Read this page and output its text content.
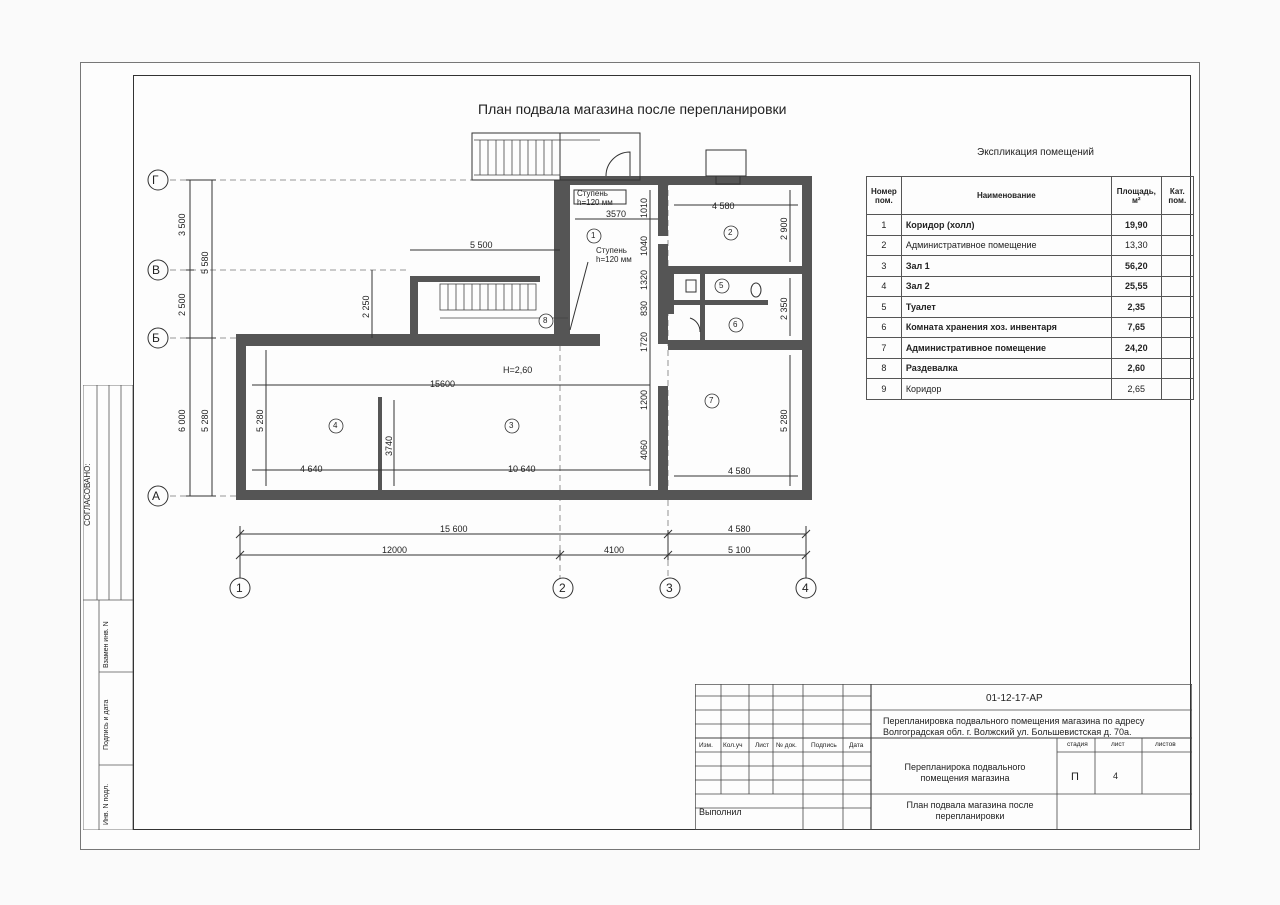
План подвала магазина после перепланировки
Г
В
Б
А
1	2	3	4
3 500
2 500
6 000
5 580
5 280
15 600	4 580
12000	4100	5 100
5 500
2 250
3570 1010
1040
1320
830
1720
1200
4060
4 580
2 900
2 350
5 280
5 280
15600
3740
4 640	10 640	4 580
H=2,60
Ступень
h=120 мм
Ступень
h=120 мм
1	2
3
4
5
6
7
8
Экспликация помещений
Номер пом.	Наименование	Площадь, м²	Кат. пом.
1	Коридор (холл)	19,90	
2	Административное помещение	13,30	
3	Зал 1	56,20	
4	Зал 2	25,55	
5	Туалет	2,35	
6	Комната хранения хоз. инвентаря	7,65	
7	Административное помещение	24,20	
8	Раздевалка	2,60	
9	Коридор	2,65	
СОГЛАСОВАНО:
Взамен инв. N
Подпись и дата
Инв. N подл.
01-12-17-АР
Перепланировка подвального помещения магазина по адресу Волгоградская обл. г. Волжский ул. Большевистская д. 70а.
Изм. Кол.уч Лист № док. Подпись Дата
Перепланирока подвального помещения магазина
стадия	лист	листов
П	4
План подвала магазина после перепланировки
Выполнил
